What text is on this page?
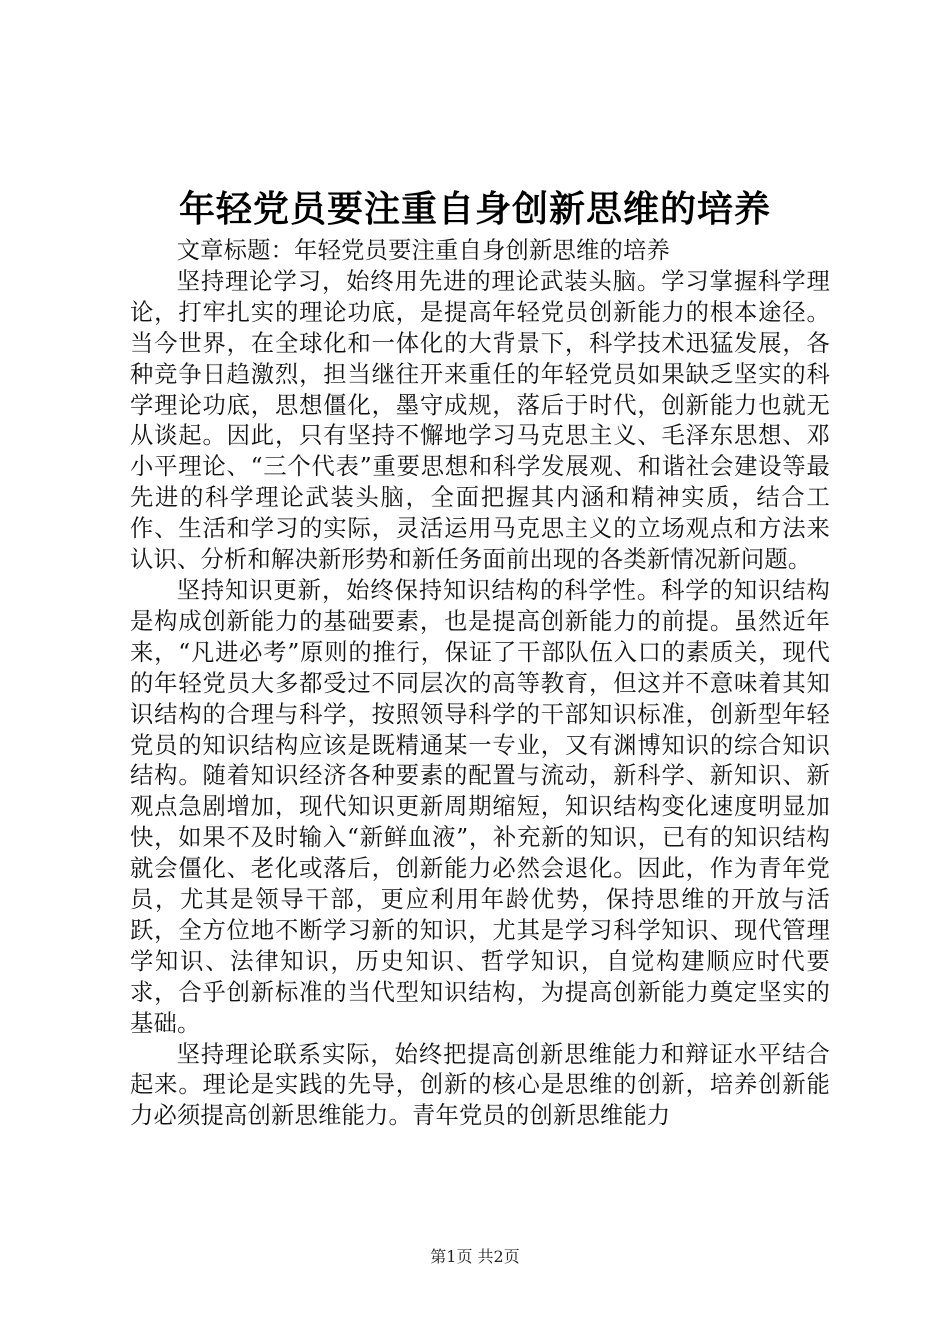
年轻党员要注重自身创新思维的培养

文章标题：年轻党员要注重自身创新思维的培养

坚持理论学习，始终用先进的理论武装头脑。学习掌握科学理论，打牢扎实的理论功底，是提高年轻党员创新能力的根本途径。当今世界，在全球化和一体化的大背景下，科学技术迅猛发展，各种竞争日趋激烈，担当继往开来重任的年轻党员如果缺乏坚实的科学理论功底，思想僵化，墨守成规，落后于时代，创新能力也就无从谈起。因此，只有坚持不懈地学习马克思主义、毛泽东思想、邓小平理论、“三个代表”重要思想和科学发展观、和谐社会建设等最先进的科学理论武装头脑，全面把握其内涵和精神实质，结合工作、生活和学习的实际，灵活运用马克思主义的立场观点和方法来认识、分析和解决新形势和新任务面前出现的各类新情况新问题。

坚持知识更新，始终保持知识结构的科学性。科学的知识结构是构成创新能力的基础要素，也是提高创新能力的前提。虽然近年来，“凡进必考”原则的推行，保证了干部队伍入口的素质关，现代的年轻党员大多都受过不同层次的高等教育，但这并不意味着其知识结构的合理与科学，按照领导科学的干部知识标准，创新型年轻党员的知识结构应该是既精通某一专业，又有渊博知识的综合知识结构。随着知识经济各种要素的配置与流动，新科学、新知识、新观点急剧增加，现代知识更新周期缩短，知识结构变化速度明显加快，如果不及时输入“新鲜血液”，补充新的知识，已有的知识结构就会僵化、老化或落后，创新能力必然会退化。因此，作为青年党员，尤其是领导干部，更应利用年龄优势，保持思维的开放与活跃，全方位地不断学习新的知识，尤其是学习科学知识、现代管理学知识、法律知识，历史知识、哲学知识，自觉构建顺应时代要求，合乎创新标准的当代型知识结构，为提高创新能力奠定坚实的基础。

坚持理论联系实际，始终把提高创新思维能力和辩证水平结合起来。理论是实践的先导，创新的核心是思维的创新，培养创新能力必须提高创新思维能力。青年党员的创新思维能力

第1页 共2页
